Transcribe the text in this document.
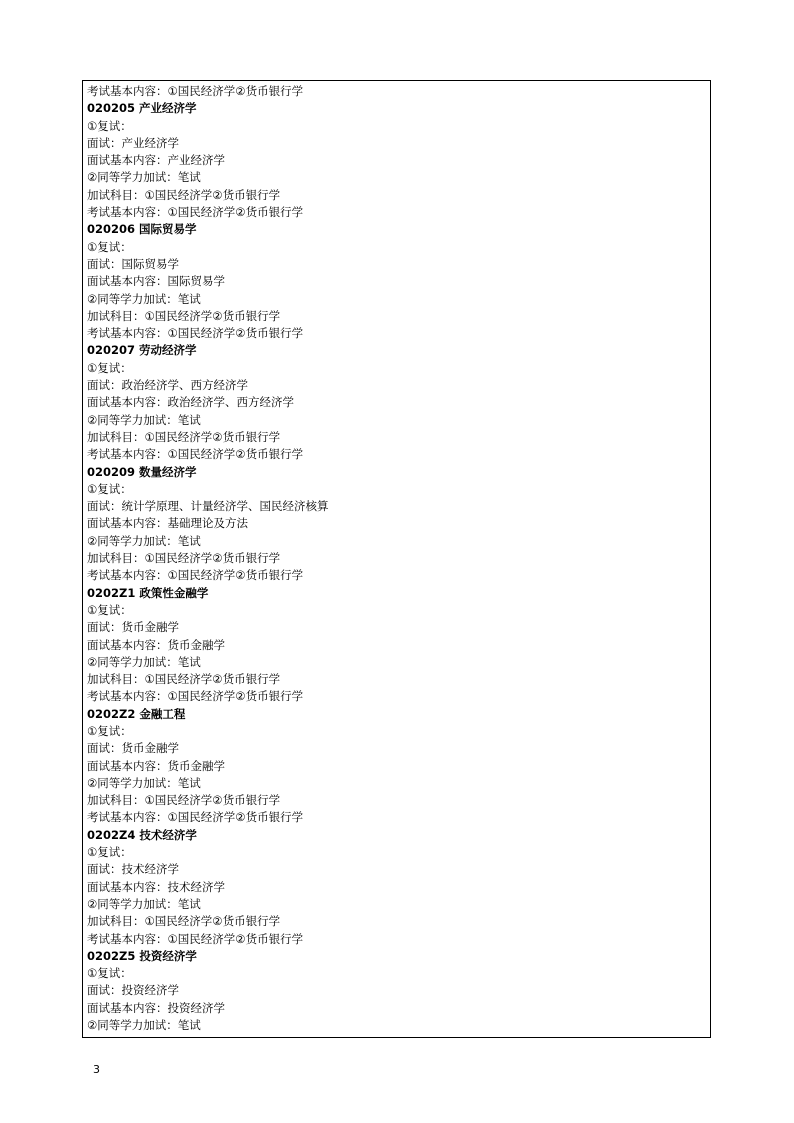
考试基本内容：①国民经济学②货币银行学
020205 产业经济学
①复试：
面试：产业经济学
面试基本内容：产业经济学
②同等学力加试：笔试
加试科目：①国民经济学②货币银行学
考试基本内容：①国民经济学②货币银行学
020206 国际贸易学
①复试：
面试：国际贸易学
面试基本内容：国际贸易学
②同等学力加试：笔试
加试科目：①国民经济学②货币银行学
考试基本内容：①国民经济学②货币银行学
020207 劳动经济学
①复试：
面试：政治经济学、西方经济学
面试基本内容：政治经济学、西方经济学
②同等学力加试：笔试
加试科目：①国民经济学②货币银行学
考试基本内容：①国民经济学②货币银行学
020209 数量经济学
①复试：
面试：统计学原理、计量经济学、国民经济核算
面试基本内容：基础理论及方法
②同等学力加试：笔试
加试科目：①国民经济学②货币银行学
考试基本内容：①国民经济学②货币银行学
0202Z1 政策性金融学
①复试：
面试：货币金融学
面试基本内容：货币金融学
②同等学力加试：笔试
加试科目：①国民经济学②货币银行学
考试基本内容：①国民经济学②货币银行学
0202Z2 金融工程
①复试：
面试：货币金融学
面试基本内容：货币金融学
②同等学力加试：笔试
加试科目：①国民经济学②货币银行学
考试基本内容：①国民经济学②货币银行学
0202Z4 技术经济学
①复试：
面试：技术经济学
面试基本内容：技术经济学
②同等学力加试：笔试
加试科目：①国民经济学②货币银行学
考试基本内容：①国民经济学②货币银行学
0202Z5 投资经济学
①复试：
面试：投资经济学
面试基本内容：投资经济学
②同等学力加试：笔试
3
